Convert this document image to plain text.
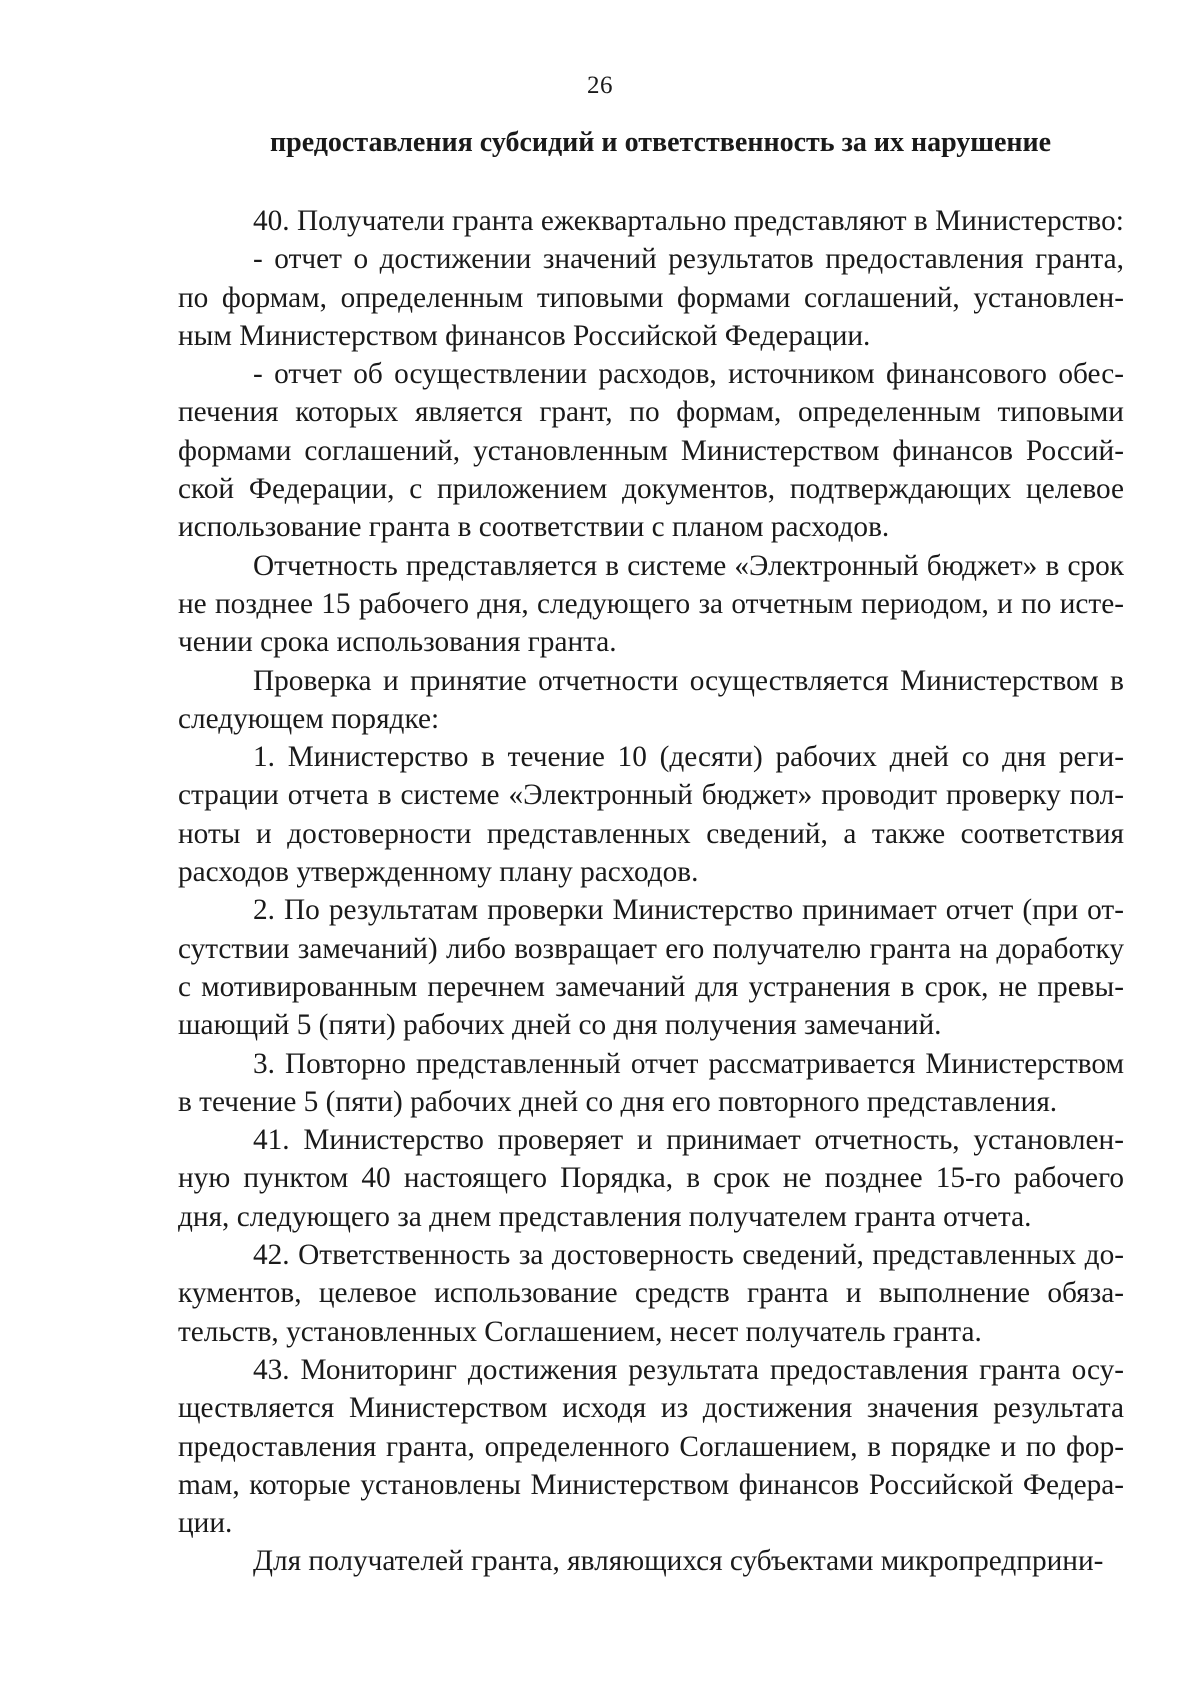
26
предоставления субсидий и ответственность за их нарушение

40. Получатели гранта ежеквартально представляют в Министерство:

- отчет о достижении значений результатов предоставления гранта, по формам, определенным типовыми формами соглашений, установленным Министерством финансов Российской Федерации.

- отчет об осуществлении расходов, источником финансового обеспечения которых является грант, по формам, определенным типовыми формами соглашений, установленным Министерством финансов Российской Федерации, с приложением документов, подтверждающих целевое использование гранта в соответствии с планом расходов.

Отчетность представляется в системе «Электронный бюджет» в срок не позднее 15 рабочего дня, следующего за отчетным периодом, и по истечении срока использования гранта.

Проверка и принятие отчетности осуществляется Министерством в следующем порядке:

1. Министерство в течение 10 (десяти) рабочих дней со дня регистрации отчета в системе «Электронный бюджет» проводит проверку полноты и достоверности представленных сведений, а также соответствия расходов утвержденному плану расходов.

2. По результатам проверки Министерство принимает отчет (при отсутствии замечаний) либо возвращает его получателю гранта на доработку с мотивированным перечнем замечаний для устранения в срок, не превышающий 5 (пяти) рабочих дней со дня получения замечаний.

3. Повторно представленный отчет рассматривается Министерством в течение 5 (пяти) рабочих дней со дня его повторного представления.

41. Министерство проверяет и принимает отчетность, установленную пунктом 40 настоящего Порядка, в срок не позднее 15-го рабочего дня, следующего за днем представления получателем гранта отчета.

42. Ответственность за достоверность сведений, представленных документов, целевое использование средств гранта и выполнение обязательств, установленных Соглашением, несет получатель гранта.

43. Мониторинг достижения результата предоставления гранта осуществляется Министерством исходя из достижения значения результата предоставления гранта, определенного Соглашением, в порядке и по форmам, которые установлены Министерством финансов Российской Федерации.

Для получателей гранта, являющихся субъектами микропредприни-
